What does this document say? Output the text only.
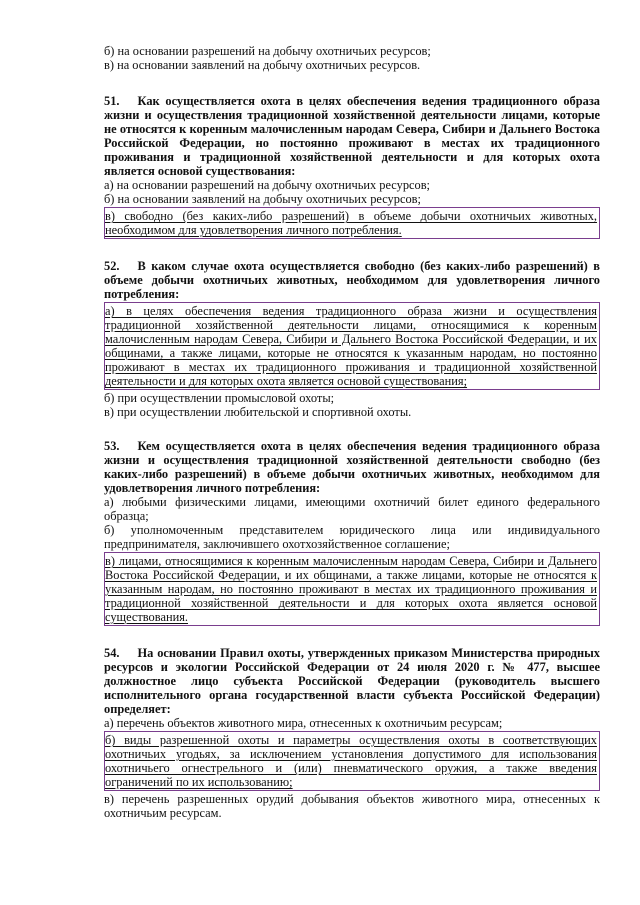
б) на основании разрешений на добычу охотничьих ресурсов;

в) на основании заявлений на добычу охотничьих ресурсов.

51. Как осуществляется охота в целях обеспечения ведения традиционного образа жизни и осуществления традиционной хозяйственной деятельности лицами, которые не относятся к коренным малочисленным народам Севера, Сибири и Дальнего Востока Российской Федерации, но постоянно проживают в местах их традиционного проживания и традиционной хозяйственной деятельности и для которых охота является основой существования:

а) на основании разрешений на добычу охотничьих ресурсов;

б) на основании заявлений на добычу охотничьих ресурсов;

в) свободно (без каких-либо разрешений) в объеме добычи охотничьих животных, необходимом для удовлетворения личного потребления.

52. В каком случае охота осуществляется свободно (без каких-либо разрешений) в объеме добычи охотничьих животных, необходимом для удовлетворения личного потребления:

а) в целях обеспечения ведения традиционного образа жизни и осуществления традиционной хозяйственной деятельности лицами, относящимися к коренным малочисленным народам Севера, Сибири и Дальнего Востока Российской Федерации, и их общинами, а также лицами, которые не относятся к указанным народам, но постоянно проживают в местах их традиционного проживания и традиционной хозяйственной деятельности и для которых охота является основой существования;

б) при осуществлении промысловой охоты;

в) при осуществлении любительской и спортивной охоты.

53. Кем осуществляется охота в целях обеспечения ведения традиционного образа жизни и осуществления традиционной хозяйственной деятельности свободно (без каких-либо разрешений) в объеме добычи охотничьих животных, необходимом для удовлетворения личного потребления:

а) любыми физическими лицами, имеющими охотничий билет единого федерального образца;

б) уполномоченным представителем юридического лица или индивидуального предпринимателя, заключившего охотхозяйственное соглашение;

в) лицами, относящимися к коренным малочисленным народам Севера, Сибири и Дальнего Востока Российской Федерации, и их общинами, а также лицами, которые не относятся к указанным народам, но постоянно проживают в местах их традиционного проживания и традиционной хозяйственной деятельности и для которых охота является основой существования.

54. На основании Правил охоты, утвержденных приказом Министерства природных ресурсов и экологии Российской Федерации от 24 июля 2020 г. № 477, высшее должностное лицо субъекта Российской Федерации (руководитель высшего исполнительного органа государственной власти субъекта Российской Федерации) определяет:

а) перечень объектов животного мира, отнесенных к охотничьим ресурсам;

б) виды разрешенной охоты и параметры осуществления охоты в соответствующих охотничьих угодьях, за исключением установления допустимого для использования охотничьего огнестрельного и (или) пневматического оружия, а также введения ограничений по их использованию;

в) перечень разрешенных орудий добывания объектов животного мира, отнесенных к охотничьим ресурсам.
